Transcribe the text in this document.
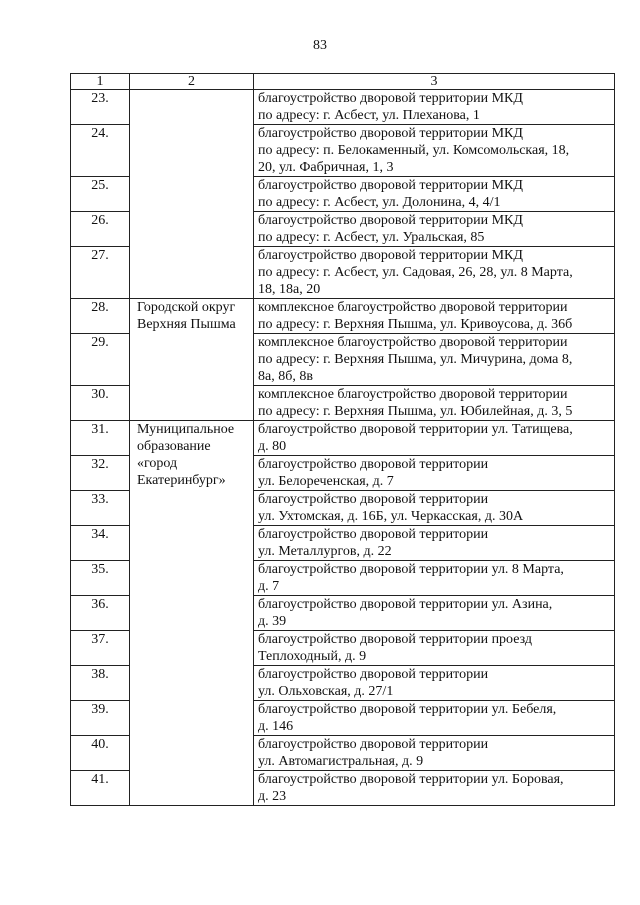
83
1	2	3
23.		благоустройство дворовой территории МКД
по адресу: г. Асбест, ул. Плеханова, 1

24.		благоустройство дворовой территории МКД
по адресу: п. Белокаменный, ул. Комсомольская, 18,
20, ул. Фабричная, 1, 3

25.		благоустройство дворовой территории МКД
по адресу: г. Асбест, ул. Долонина, 4, 4/1

26.		благоустройство дворовой территории МКД
по адресу: г. Асбест, ул. Уральская, 85

27.		благоустройство дворовой территории МКД
по адресу: г. Асбест, ул. Садовая, 26, 28, ул. 8 Марта,
18, 18а, 20

28.	Городской округ Верхняя Пышма	комплексное благоустройство дворовой территории
по адресу: г. Верхняя Пышма, ул. Кривоусова, д. 36б

29.		комплексное благоустройство дворовой территории
по адресу: г. Верхняя Пышма, ул. Мичурина, дома 8,
8а, 8б, 8в

30.		комплексное благоустройство дворовой территории
по адресу: г. Верхняя Пышма, ул. Юбилейная, д. 3, 5

31.	Муниципальное образование «город Екатеринбург»	благоустройство дворовой территории ул. Татищева,
д. 80

32.		благоустройство дворовой территории
ул. Белореченская, д. 7

33.		благоустройство дворовой территории
ул. Ухтомская, д. 16Б, ул. Черкасская, д. 30А

34.		благоустройство дворовой территории
ул. Металлургов, д. 22

35.		благоустройство дворовой территории ул. 8 Марта,
д. 7

36.		благоустройство дворовой территории ул. Азина,
д. 39

37.		благоустройство дворовой территории проезд
Теплоходный, д. 9

38.		благоустройство дворовой территории
ул. Ольховская, д. 27/1

39.		благоустройство дворовой территории ул. Бебеля,
д. 146

40.		благоустройство дворовой территории
ул. Автомагистральная, д. 9

41.		благоустройство дворовой территории ул. Боровая,
д. 23
